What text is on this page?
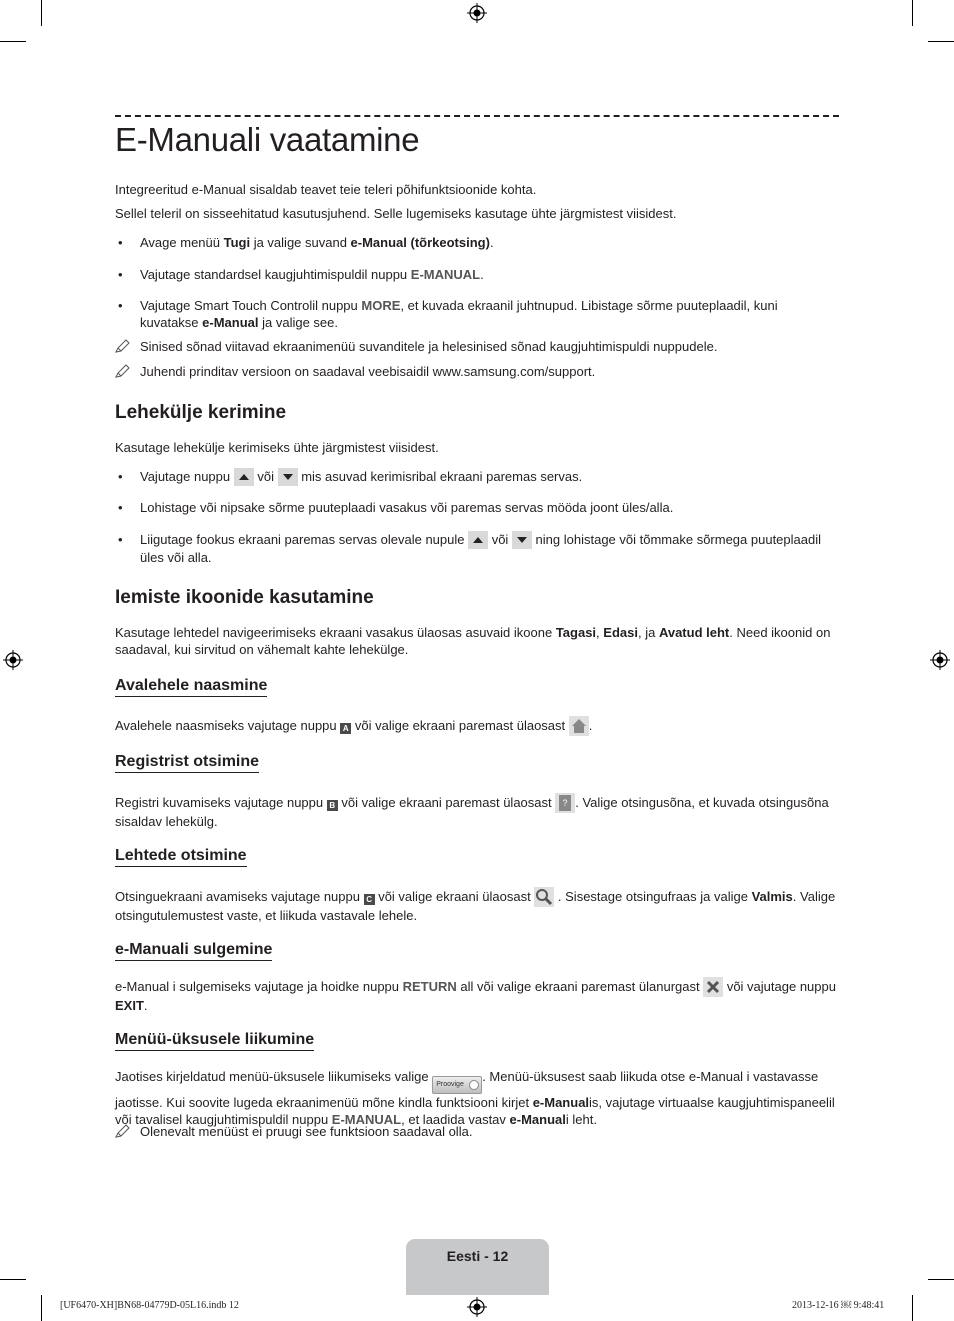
E-Manuali vaatamine

Integreeritud e-Manual sisaldab teavet teie teleri põhifunktsioonide kohta.

Sellel teleril on sisseehitatud kasutusjuhend. Selle lugemiseks kasutage ühte järgmistest viisidest.

• Avage menüü Tugi ja valige suvand e-Manual (tõrkeotsing).
• Vajutage standardsel kaugjuhtimispuldil nuppu E-MANUAL.
• Vajutage Smart Touch Controlil nuppu MORE, et kuvada ekraanil juhtnupud. Libistage sõrme puuteplaadil, kuni kuvatakse e-Manual ja valige see.
Sinised sõnad viitavad ekraanimenüü suvanditele ja helesinised sõnad kaugjuhtimispuldi nuppudele.
Juhendi prinditav versioon on saadaval veebisaidil www.samsung.com/support.
Lehekülje kerimine

Kasutage lehekülje kerimiseks ühte järgmistest viisidest.

• Vajutage nuppu  või  mis asuvad kerimisribal ekraani paremas servas.
• Lohistage või nipsake sõrme puuteplaadi vasakus või paremas servas mööda joont üles/alla.
• Liigutage fookus ekraani paremas servas olevale nupule  või  ning lohistage või tõmmake sõrmega puuteplaadil üles või alla.
Iemiste ikoonide kasutamine

Kasutage lehtedel navigeerimiseks ekraani vasakus ülaosas asuvaid ikoone Tagasi, Edasi, ja Avatud leht. Need ikoonid on saadaval, kui sirvitud on vähemalt kahte lehekülge.

Avalehele naasmine

Avalehele naasmiseks vajutage nuppu A või valige ekraani paremast ülaosast .

Registrist otsimine

Registri kuvamiseks vajutage nuppu B või valige ekraani paremast ülaosast ? . Valige otsingusõna, et kuvada otsingusõna sisaldav lehekülg.

Lehtede otsimine

Otsinguekraani avamiseks vajutage nuppu C või valige ekraani ülaosast  . Sisestage otsingufraas ja valige Valmis. Valige otsingutulemustest vaste, et liikuda vastavale lehele.

e-Manuali sulgemine

e-Manual i sulgemiseks vajutage ja hoidke nuppu RETURN all või valige ekraani paremast ülanurgast  või vajutage nuppu EXIT.

Menüü-üksusele liikumine

Jaotises kirjeldatud menüü-üksusele liikumiseks valige Proovige
. Menüü-üksusest saab liikuda otse e-Manual i vastavasse jaotisse. Kui soovite lugeda ekraanimenüü mõne kindla funktsiooni kirjet e-Manualis, vajutage virtuaalse kaugjuhtimispaneelil või tavalisel kaugjuhtimispuldil nuppu E-MANUAL, et laadida vastav e-Manuali leht.

Olenevalt menüüst ei pruugi see funktsioon saadaval olla.
Eesti - 12
[UF6470-XH]BN68-04779D-05L16.indb 12	2013-12-16 ￼ 9:48:41
